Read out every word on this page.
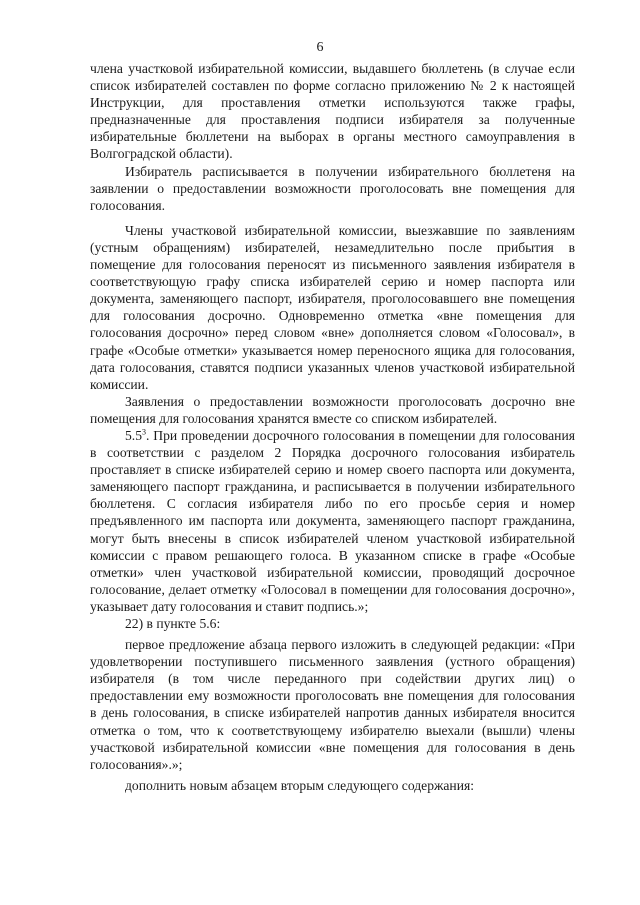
6

члена участковой избирательной комиссии, выдавшего бюллетень (в случае если список избирателей составлен по форме согласно приложению № 2 к настоящей Инструкции, для проставления отметки используются также графы, предназначенные для проставления подписи избирателя за полученные избирательные бюллетени на выборах в органы местного самоуправления в Волгоградской области).

Избиратель расписывается в получении избирательного бюллетеня на заявлении о предоставлении возможности проголосовать вне помещения для голосования.

Члены участковой избирательной комиссии, выезжавшие по заявлениям (устным обращениям) избирателей, незамедлительно после прибытия в помещение для голосования переносят из письменного заявления избирателя в соответствующую графу списка избирателей серию и номер паспорта или документа, заменяющего паспорт, избирателя, проголосовавшего вне помещения для голосования досрочно. Одновременно отметка «вне помещения для голосования досрочно» перед словом «вне» дополняется словом «Голосовал», в графе «Особые отметки» указывается номер переносного ящика для голосования, дата голосования, ставятся подписи указанных членов участковой избирательной комиссии.

Заявления о предоставлении возможности проголосовать досрочно вне помещения для голосования хранятся вместе со списком избирателей.

$5.5^3$. При проведении досрочного голосования в помещении для голосования в соответствии с разделом 2 Порядка досрочного голосования избиратель проставляет в списке избирателей серию и номер своего паспорта или документа, заменяющего паспорт гражданина, и расписывается в получении избирательного бюллетеня. С согласия избирателя либо по его просьбе серия и номер предъявленного им паспорта или документа, заменяющего паспорт гражданина, могут быть внесены в список избирателей членом участковой избирательной комиссии с правом решающего голоса. В указанном списке в графе «Особые отметки» член участковой избирательной комиссии, проводящий досрочное голосование, делает отметку «Голосовал в помещении для голосования досрочно», указывает дату голосования и ставит подпись.»;

22) в пункте 5.6:

первое предложение абзаца первого изложить в следующей редакции: «При удовлетворении поступившего письменного заявления (устного обращения) избирателя (в том числе переданного при содействии других лиц) о предоставлении ему возможности проголосовать вне помещения для голосования в день голосования, в списке избирателей напротив данных избирателя вносится отметка о том, что к соответствующему избирателю выехали (вышли) члены участковой избирательной комиссии «вне помещения для голосования в день голосования».»;

дополнить новым абзацем вторым следующего содержания:
